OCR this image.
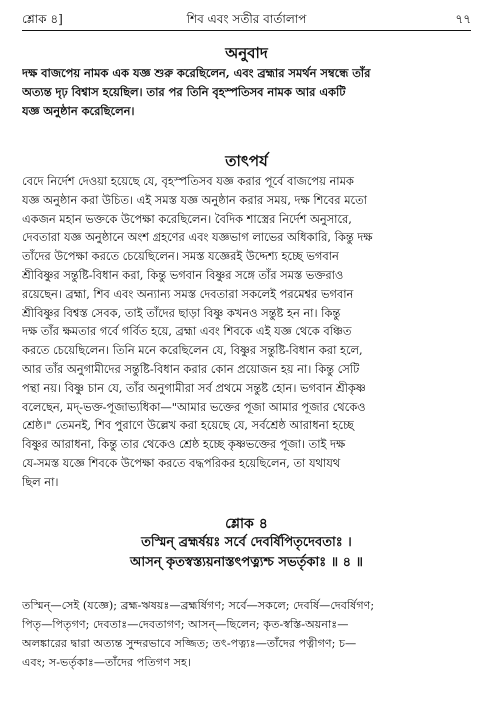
শ্লোক ৪]	শিব এবং সতীর বার্তালাপ	৭৭
অনুবাদ
দক্ষ বাজপেয় নামক এক যজ্ঞ শুরু করেছিলেন, এবং ব্রহ্মার সমর্থন সম্বন্ধে তাঁর
অত্যন্ত দৃঢ় বিশ্বাস হয়েছিল। তার পর তিনি বৃহস্পতিসব নামক আর একটি
যজ্ঞ অনুষ্ঠান করেছিলেন।
তাৎপর্য
বেদে নির্দেশ দেওয়া হয়েছে যে, বৃহস্পতিসব যজ্ঞ করার পূর্বে বাজপেয় নামক
যজ্ঞ অনুষ্ঠান করা উচিত। এই সমস্ত যজ্ঞ অনুষ্ঠান করার সময়, দক্ষ শিবের মতো
একজন মহান ভক্তকে উপেক্ষা করেছিলেন। বৈদিক শাস্ত্রের নির্দেশ অনুসারে,
দেবতারা যজ্ঞ অনুষ্ঠানে অংশ গ্রহণের এবং যজ্ঞভাগ লাভের অধিকারি, কিন্তু দক্ষ
তাঁদের উপেক্ষা করতে চেয়েছিলেন। সমস্ত যজ্ঞেরই উদ্দেশ্য হচ্ছে ভগবান
শ্রীবিষ্ণুর সন্তুষ্টি-বিধান করা, কিন্তু ভগবান বিষ্ণুর সঙ্গে তাঁর সমস্ত ভক্তরাও
রয়েছেন। ব্রহ্মা, শিব এবং অন্যান্য সমস্ত দেবতারা সকলেই পরমেশ্বর ভগবান
শ্রীবিষ্ণুর বিশ্বস্ত সেবক, তাই তাঁদের ছাড়া বিষ্ণু কখনও সন্তুষ্ট হন না। কিন্তু
দক্ষ তাঁর ক্ষমতার গর্বে গর্বিত হয়ে, ব্রহ্মা এবং শিবকে এই যজ্ঞ থেকে বঞ্চিত
করতে চেয়েছিলেন। তিনি মনে করেছিলেন যে, বিষ্ণুর সন্তুষ্টি-বিধান করা হলে,
আর তাঁর অনুগামীদের সন্তুষ্টি-বিধান করার কোন প্রয়োজন হয় না। কিন্তু সেটি
পন্থা নয়। বিষ্ণু চান যে, তাঁর অনুগামীরা সর্ব প্রথমে সন্তুষ্ট হোন। ভগবান শ্রীকৃষ্ণ
বলেছেন, মদ্-ভক্ত-পূজাভ্যধিকা—"আমার ভক্তের পূজা আমার পূজার থেকেও
শ্রেষ্ঠ।" তেমনই, শিব পুরাণে উল্লেখ করা হয়েছে যে, সর্বশ্রেষ্ঠ আরাধনা হচ্ছে
বিষ্ণুর আরাধনা, কিন্তু তার থেকেও শ্রেষ্ঠ হচ্ছে কৃষ্ণভক্তের পূজা। তাই দক্ষ
যে-সমস্ত যজ্ঞে শিবকে উপেক্ষা করতে বদ্ধপরিকর হয়েছিলেন, তা যথাযথ
ছিল না।
শ্লোক ৪
তস্মিন্ ব্রহ্মর্ষয়ঃ সর্বে দেবর্ষিপিতৃদেবতাঃ ।
আসন্ কৃতস্বস্ত্যয়নাস্তৎপত্ন্যশ্চ সভর্তৃকাঃ ॥ ৪ ॥
তস্মিন্—সেই (যজ্ঞে); ব্রহ্ম-ঋষয়ঃ—ব্রহ্মর্ষিগণ; সর্বে—সকলে; দেবর্ষি—দেবর্ষিগণ;
পিতৃ—পিতৃগণ; দেবতাঃ—দেবতাগণ; আসন্—ছিলেন; কৃত-স্বস্তি-অয়নাঃ—
অলঙ্কারের দ্বারা অত্যন্ত সুন্দরভাবে সজ্জিত; তৎ-পত্ন্যঃ—তাঁদের পত্নীগণ; চ—
এবং; স-ভর্তৃকাঃ—তাঁদের পতিগণ সহ।
